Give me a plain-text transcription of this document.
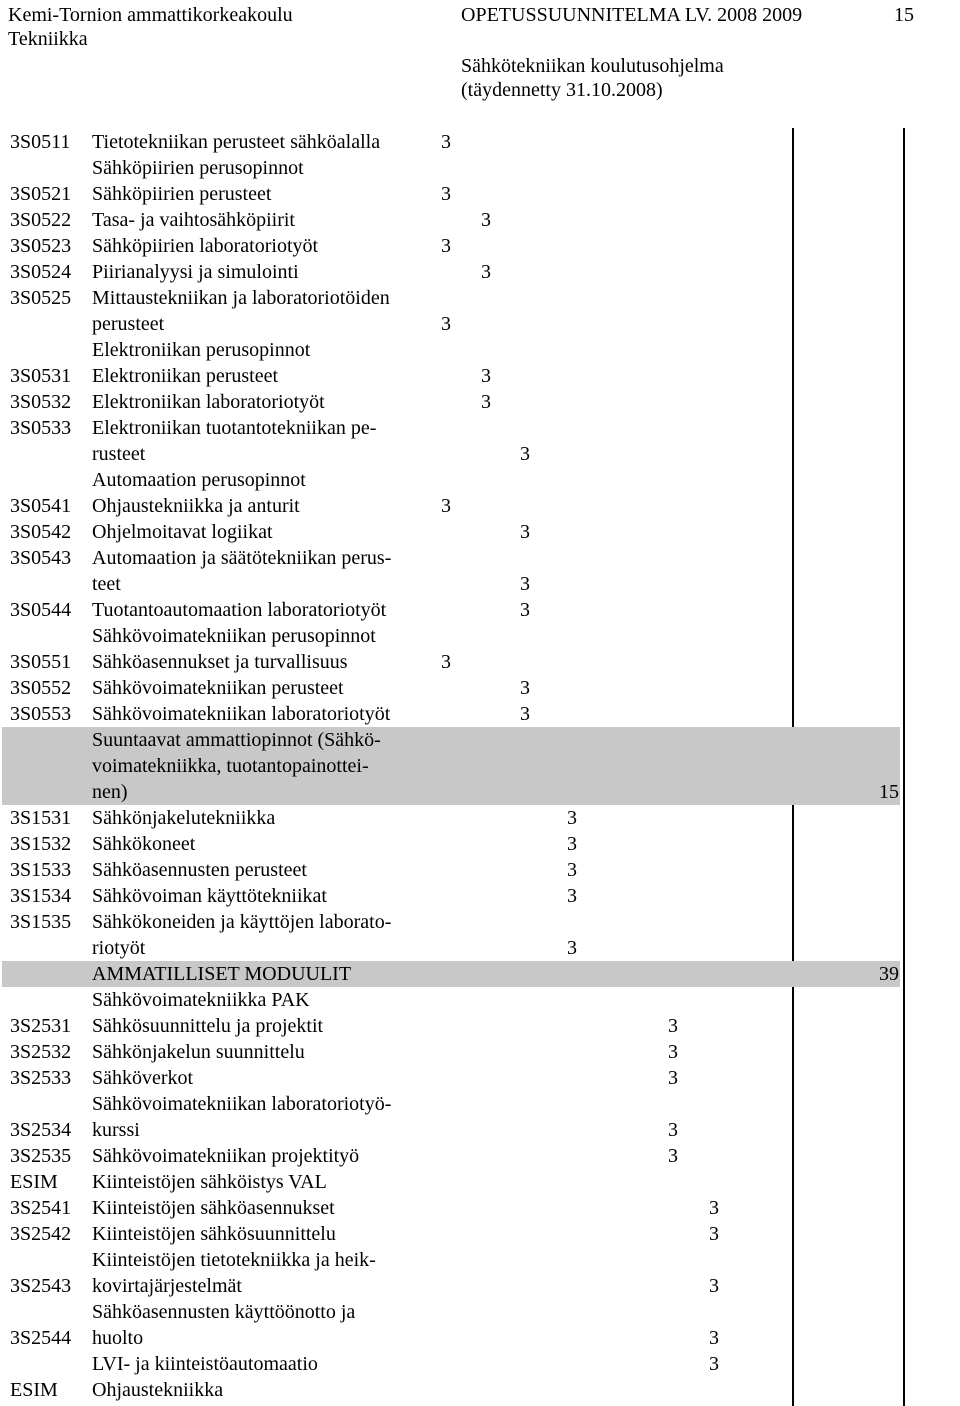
Kemi-Tornion ammattikorkeakoulu
Tekniikka
OPETUSSUUNNITELMA LV. 2008 2009	15
Sähkötekniikan koulutusohjelma
(täydennetty 31.10.2008)
3S0511 Tietotekniikan perusteet sähköalalla	3
Sähköpiirien perusopinnot
3S0521 Sähköpiirien perusteet	3
3S0522 Tasa- ja vaihtosähköpiirit	3
3S0523 Sähköpiirien laboratoriotyöt	3
3S0524 Piirianalyysi ja simulointi	3
3S0525 Mittaustekniikan ja laboratoriotöiden
perusteet	3
Elektroniikan perusopinnot
3S0531 Elektroniikan perusteet	3
3S0532 Elektroniikan laboratoriotyöt	3
3S0533 Elektroniikan tuotantotekniikan pe-
rusteet	3
Automaation perusopinnot
3S0541 Ohjaustekniikka ja anturit	3
3S0542 Ohjelmoitavat logiikat	3
3S0543 Automaation ja säätötekniikan perus-
teet	3
3S0544 Tuotantoautomaation laboratoriotyöt	3
Sähkövoimatekniikan perusopinnot
3S0551 Sähköasennukset ja turvallisuus	3
3S0552 Sähkövoimatekniikan perusteet	3
3S0553 Sähkövoimatekniikan laboratoriotyöt	3
Suuntaavat ammattiopinnot (Sähkö-
voimatekniikka, tuotantopainottei-
nen)	15
3S1531 Sähkönjakelutekniikka	3
3S1532 Sähkökoneet	3
3S1533 Sähköasennusten perusteet	3
3S1534 Sähkövoiman käyttötekniikat	3
3S1535 Sähkökoneiden ja käyttöjen laborato-
riotyöt	3
AMMATILLISET MODUULIT	39
Sähkövoimatekniikka PAK
3S2531 Sähkösuunnittelu ja projektit	3
3S2532 Sähkönjakelun suunnittelu	3
3S2533 Sähköverkot	3
Sähkövoimatekniikan laboratoriotyö-
3S2534 kurssi	3
3S2535 Sähkövoimatekniikan projektityö	3
ESIM Kiinteistöjen sähköistys VAL
3S2541 Kiinteistöjen sähköasennukset	3
3S2542 Kiinteistöjen sähkösuunnittelu	3
Kiinteistöjen tietotekniikka ja heik-
3S2543 kovirtajärjestelmät	3
Sähköasennusten käyttöönotto ja
3S2544 huolto	3
LVI- ja kiinteistöautomaatio	3
ESIM Ohjaustekniikka
